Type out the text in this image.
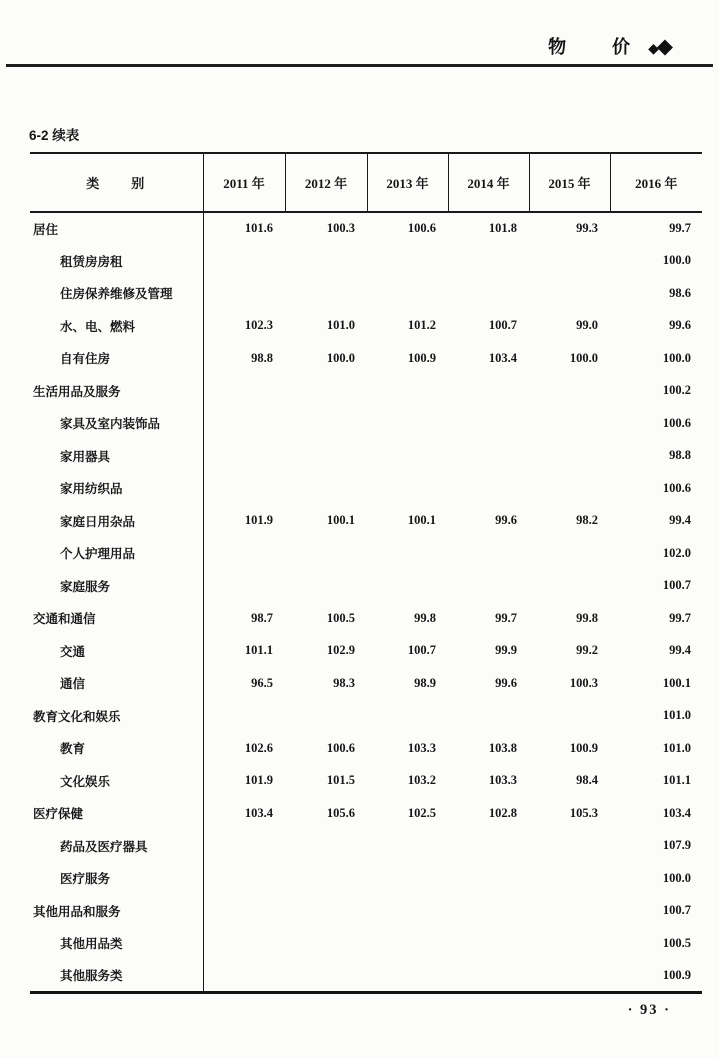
物　价 ◆
◆
6-2 续表
类　　别	2011 年	2012 年	2013 年	2014 年	2015 年	2016 年
居住	101.6	100.3	100.6	101.8	99.3	99.7
租赁房房租						100.0
住房保养维修及管理						98.6
水、电、燃料	102.3	101.0	101.2	100.7	99.0	99.6
自有住房	98.8	100.0	100.9	103.4	100.0	100.0
生活用品及服务						100.2
家具及室内装饰品						100.6
家用器具						98.8
家用纺织品						100.6
家庭日用杂品	101.9	100.1	100.1	99.6	98.2	99.4
个人护理用品						102.0
家庭服务						100.7
交通和通信	98.7	100.5	99.8	99.7	99.8	99.7
交通	101.1	102.9	100.7	99.9	99.2	99.4
通信	96.5	98.3	98.9	99.6	100.3	100.1
教育文化和娱乐						101.0
教育	102.6	100.6	103.3	103.8	100.9	101.0
文化娱乐	101.9	101.5	103.2	103.3	98.4	101.1
医疗保健	103.4	105.6	102.5	102.8	105.3	103.4
药品及医疗器具						107.9
医疗服务						100.0
其他用品和服务						100.7
其他用品类						100.5
其他服务类						100.9
· 93 ·
